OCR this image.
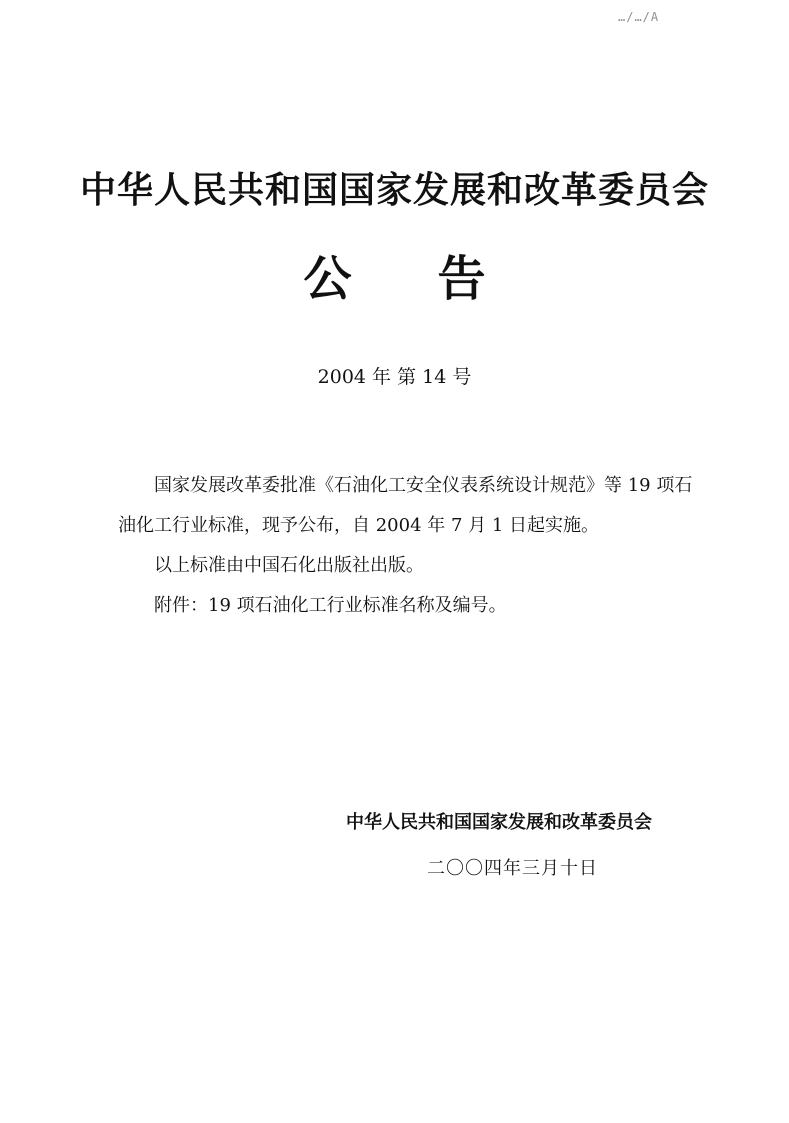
…/…/A
中华人民共和国国家发展和改革委员会
公 告
2004 年 第 14 号

国家发展改革委批准《石油化工安全仪表系统设计规范》等 19 项石

油化工行业标准，现予公布，自 2004 年 7 月 1 日起实施。

以上标准由中国石化出版社出版。

附件：19 项石油化工行业标准名称及编号。

中华人民共和国国家发展和改革委员会
二〇〇四年三月十日
